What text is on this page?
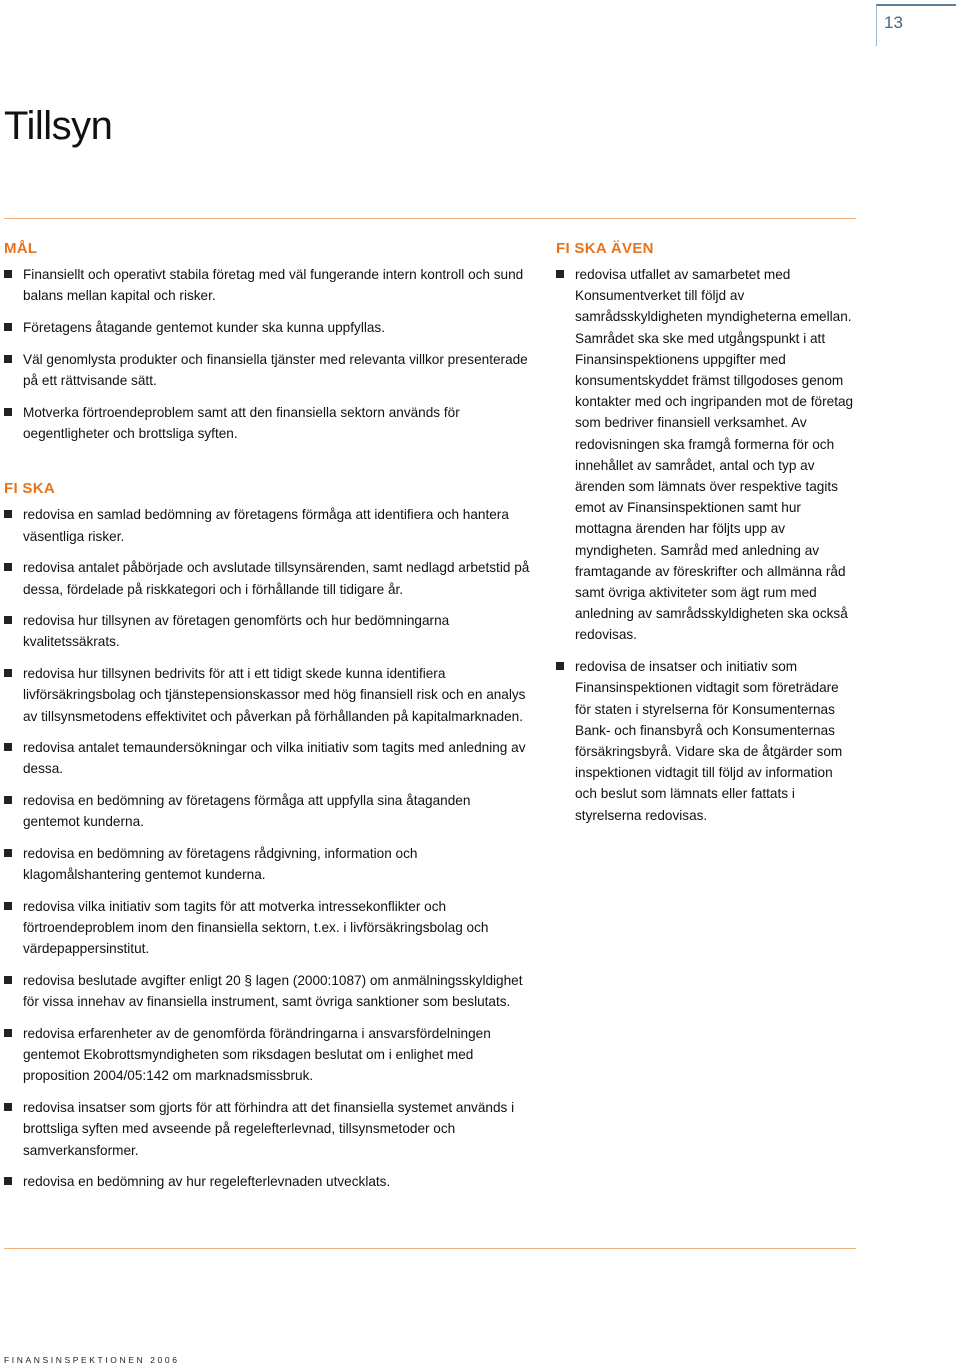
13
Tillsyn
MÅL
Finansiellt och operativt stabila företag med väl fungerande intern kontroll och sund balans mellan kapital och risker.
Företagens åtagande gentemot kunder ska kunna uppfyllas.
Väl genomlysta produkter och finansiella tjänster med relevanta villkor presenterade på ett rättvisande sätt.
Motverka förtroendeproblem samt att den finansiella sektorn används för oegentligheter och brottsliga syften.
FI SKA
redovisa en samlad bedömning av företagens förmåga att identifiera och hantera väsentliga risker.
redovisa antalet påbörjade och avslutade tillsynsärenden, samt nedlagd arbetstid på dessa, fördelade på riskkategori och i förhållande till tidigare år.
redovisa hur tillsynen av företagen genomförts och hur bedömningarna kvalitetssäkrats.
redovisa hur tillsynen bedrivits för att i ett tidigt skede kunna identifiera livförsäkringsbolag och tjänstepensionskassor med hög finansiell risk och en analys av tillsynsmetodens effektivitet och påverkan på förhållanden på kapitalmarknaden.
redovisa antalet temaundersökningar och vilka initiativ som tagits med anledning av dessa.
redovisa en bedömning av företagens förmåga att uppfylla sina åtaganden gentemot kunderna.
redovisa en bedömning av företagens rådgivning, information och klagomålshantering gentemot kunderna.
redovisa vilka initiativ som tagits för att motverka intressekonflikter och förtroendeproblem inom den finansiella sektorn, t.ex. i livförsäkringsbolag och värdepappersinstitut.
redovisa beslutade avgifter enligt 20 § lagen (2000:1087) om anmälningsskyldighet för vissa innehav av finansiella instrument, samt övriga sanktioner som beslutats.
redovisa erfarenheter av de genomförda förändringarna i ansvarsfördelningen gentemot Ekobrottsmyndigheten som riksdagen beslutat om i enlighet med proposition 2004/05:142 om marknadsmissbruk.
redovisa insatser som gjorts för att förhindra att det finansiella systemet används i brottsliga syften med avseende på regelefterlevnad, tillsynsmetoder och samverkansformer.
redovisa en bedömning av hur regelefterlevnaden utvecklats.
FI SKA ÄVEN
redovisa utfallet av samarbetet med Konsumentverket till följd av samrådsskyldigheten myndigheterna emellan. Samrådet ska ske med utgångspunkt i att Finansinspektionens uppgifter med konsumentskyddet främst tillgodoses genom kontakter med och ingripanden mot de företag som bedriver finansiell verksamhet. Av redovisningen ska framgå formerna för och innehållet av samrådet, antal och typ av ärenden som lämnats över respektive tagits emot av Finansinspektionen samt hur mottagna ärenden har följts upp av myndigheten. Samråd med anledning av framtagande av föreskrifter och allmänna råd samt övriga aktiviteter som ägt rum med anledning av samrådsskyldigheten ska också redovisas.
redovisa de insatser och initiativ som Finansinspektionen vidtagit som företrädare för staten i styrelserna för Konsumenternas Bank- och finansbyrå och Konsumenternas försäkringsbyrå. Vidare ska de åtgärder som inspektionen vidtagit till följd av information och beslut som lämnats eller fattats i styrelserna redovisas.
FINANSINSPEKTIONEN 2006
